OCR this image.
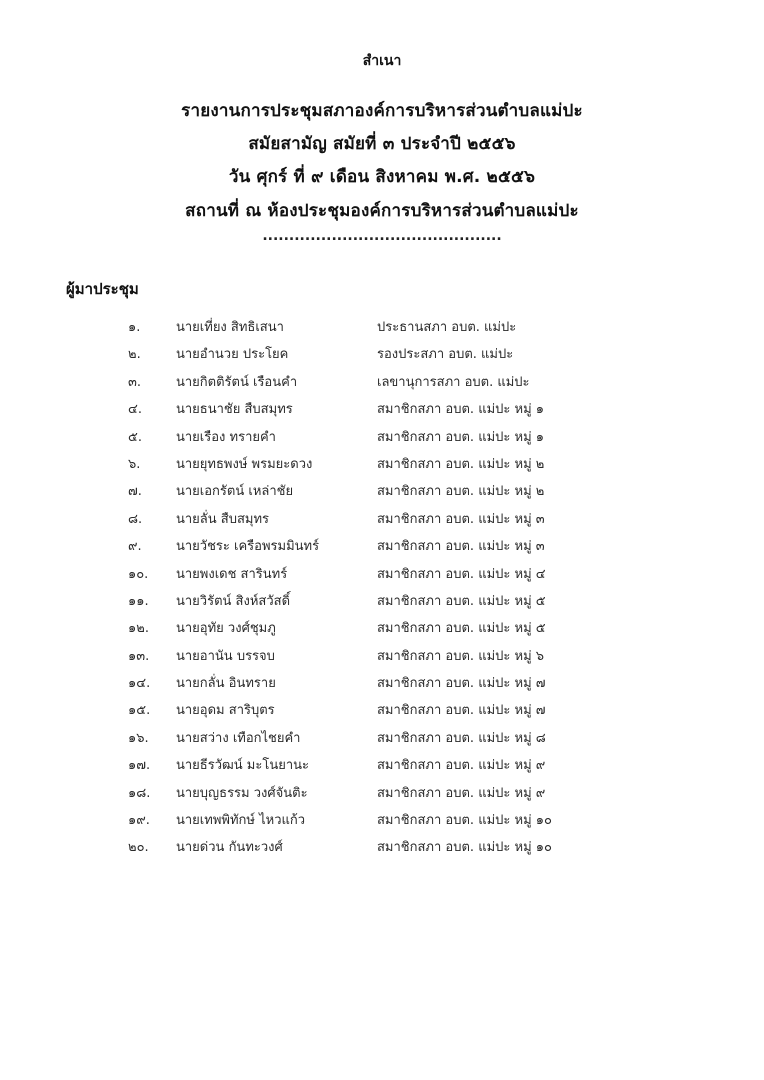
สำเนา
รายงานการประชุมสภาองค์การบริหารส่วนตำบลแม่ปะ
สมัยสามัญ สมัยที่ ๓ ประจำปี ๒๕๕๖
วัน ศุกร์ ที่ ๙ เดือน สิงหาคม พ.ศ. ๒๕๕๖
สถานที่ ณ ห้องประชุมองค์การบริหารส่วนตำบลแม่ปะ
.............................................
ผู้มาประชุม
๑.	นายเที่ยง สิทธิเสนา	ประธานสภา อบต. แม่ปะ
๒.	นายอำนวย ประโยค	รองประสภา อบต. แม่ปะ
๓.	นายกิตติรัตน์ เรือนคำ	เลขานุการสภา อบต. แม่ปะ
๔.	นายธนาชัย สืบสมุทร	สมาชิกสภา อบต. แม่ปะ หมู่ ๑
๕.	นายเรือง ทรายคำ	สมาชิกสภา อบต. แม่ปะ หมู่ ๑
๖.	นายยุทธพงษ์ พรมยะดวง	สมาชิกสภา อบต. แม่ปะ หมู่ ๒
๗.	นายเอกรัตน์ เหล่าชัย	สมาชิกสภา อบต. แม่ปะ หมู่ ๒
๘.	นายลั่น สืบสมุทร	สมาชิกสภา อบต. แม่ปะ หมู่ ๓
๙.	นายวัชระ เครือพรมมินทร์	สมาชิกสภา อบต. แม่ปะ หมู่ ๓
๑๐.	นายพงเดช สารินทร์	สมาชิกสภา อบต. แม่ปะ หมู่ ๔
๑๑.	นายวิรัตน์ สิงห์สวัสดิ์	สมาชิกสภา อบต. แม่ปะ หมู่ ๕
๑๒.	นายอุทัย วงศ์ชุมภู	สมาชิกสภา อบต. แม่ปะ หมู่ ๕
๑๓.	นายอานัน บรรจบ	สมาชิกสภา อบต. แม่ปะ หมู่ ๖
๑๔.	นายกลั่น อินทราย	สมาชิกสภา อบต. แม่ปะ หมู่ ๗
๑๕.	นายอุดม สาริบุตร	สมาชิกสภา อบต. แม่ปะ หมู่ ๗
๑๖.	นายสว่าง เทือกไชยคำ	สมาชิกสภา อบต. แม่ปะ หมู่ ๘
๑๗.	นายธีรวัฒน์ มะโนยานะ	สมาชิกสภา อบต. แม่ปะ หมู่ ๙
๑๘.	นายบุญธรรม วงศ์จันติะ	สมาชิกสภา อบต. แม่ปะ หมู่ ๙
๑๙.	นายเทพพิทักษ์ ไหวแก้ว	สมาชิกสภา อบต. แม่ปะ หมู่ ๑๐
๒๐.	นายด่วน กันทะวงศ์	สมาชิกสภา อบต. แม่ปะ หมู่ ๑๐
